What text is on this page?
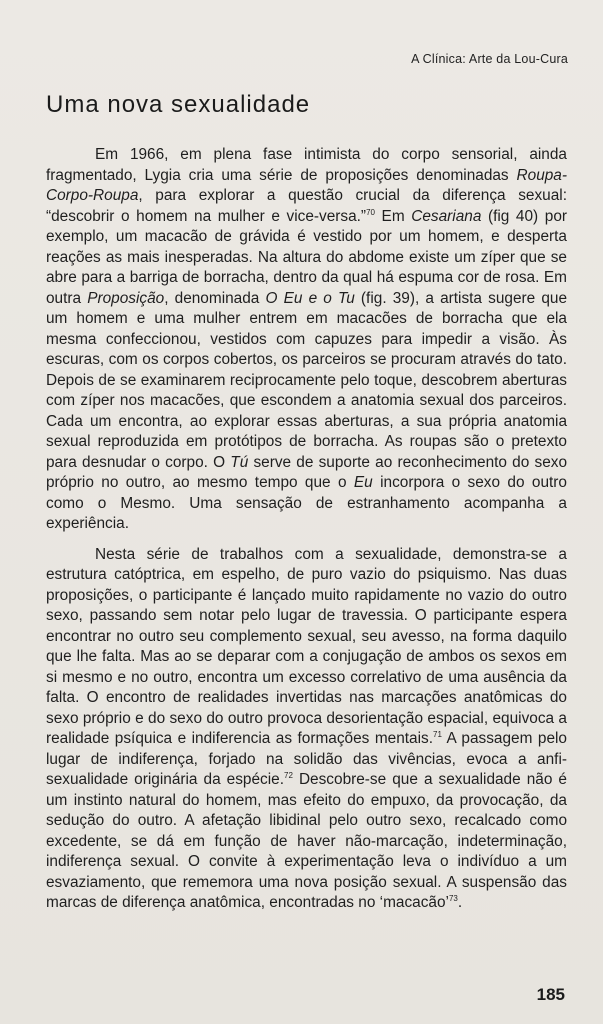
A Clínica: Arte da Lou-Cura
Uma nova sexualidade

Em 1966, em plena fase intimista do corpo sensorial, ainda fragmentado, Lygia cria uma série de proposições denominadas Roupa-Corpo-Roupa, para explorar a questão crucial da diferença sexual: “descobrir o homem na mulher e vice-versa.”$^{70}$ Em Cesariana (fig 40) por exemplo, um macacão de grávida é vestido por um homem, e desperta reações as mais inesperadas. Na altura do abdome existe um zíper que se abre para a barriga de borracha, dentro da qual há espuma cor de rosa. Em outra Proposição, denominada O Eu e o Tu (fig. 39), a artista sugere que um homem e uma mulher entrem em macacões de borracha que ela mesma confeccionou, vestidos com capuzes para impedir a visão. Às escuras, com os corpos cobertos, os parceiros se procuram através do tato. Depois de se examinarem reciprocamente pelo toque, descobrem aberturas com zíper nos macacões, que escondem a anatomia sexual dos parceiros. Cada um encontra, ao explorar essas aberturas, a sua própria anatomia sexual reproduzida em protótipos de borracha. As roupas são o pretexto para desnudar o corpo. O Tú serve de suporte ao reconhecimento do sexo próprio no outro, ao mesmo tempo que o Eu incorpora o sexo do outro como o Mesmo. Uma sensação de estranhamento acompanha a experiência.

Nesta série de trabalhos com a sexualidade, demonstra-se a estrutura catóptrica, em espelho, de puro vazio do psiquismo. Nas duas proposições, o participante é lançado muito rapidamente no vazio do outro sexo, passando sem notar pelo lugar de travessia. O participante espera encontrar no outro seu complemento sexual, seu avesso, na forma daquilo que lhe falta. Mas ao se deparar com a conjugação de ambos os sexos em si mesmo e no outro, encontra um excesso correlativo de uma ausência da falta. O encontro de realidades invertidas nas marcações anatômicas do sexo próprio e do sexo do outro provoca desorientação espacial, equivoca a realidade psíquica e indiferencia as formações mentais.$^{71}$ A passagem pelo lugar de indiferença, forjado na solidão das vivências, evoca a anfi-sexualidade originária da espécie.$^{72}$ Descobre-se que a sexualidade não é um instinto natural do homem, mas efeito do empuxo, da provocação, da sedução do outro. A afetação libidinal pelo outro sexo, recalcado como excedente, se dá em função de haver não-marcação, indeterminação, indiferença sexual. O convite à experimentação leva o indivíduo a um esvaziamento, que rememora uma nova posição sexual. A suspensão das marcas de diferença anatômica, encontradas no ‘macacão’$^{73}$.

185
